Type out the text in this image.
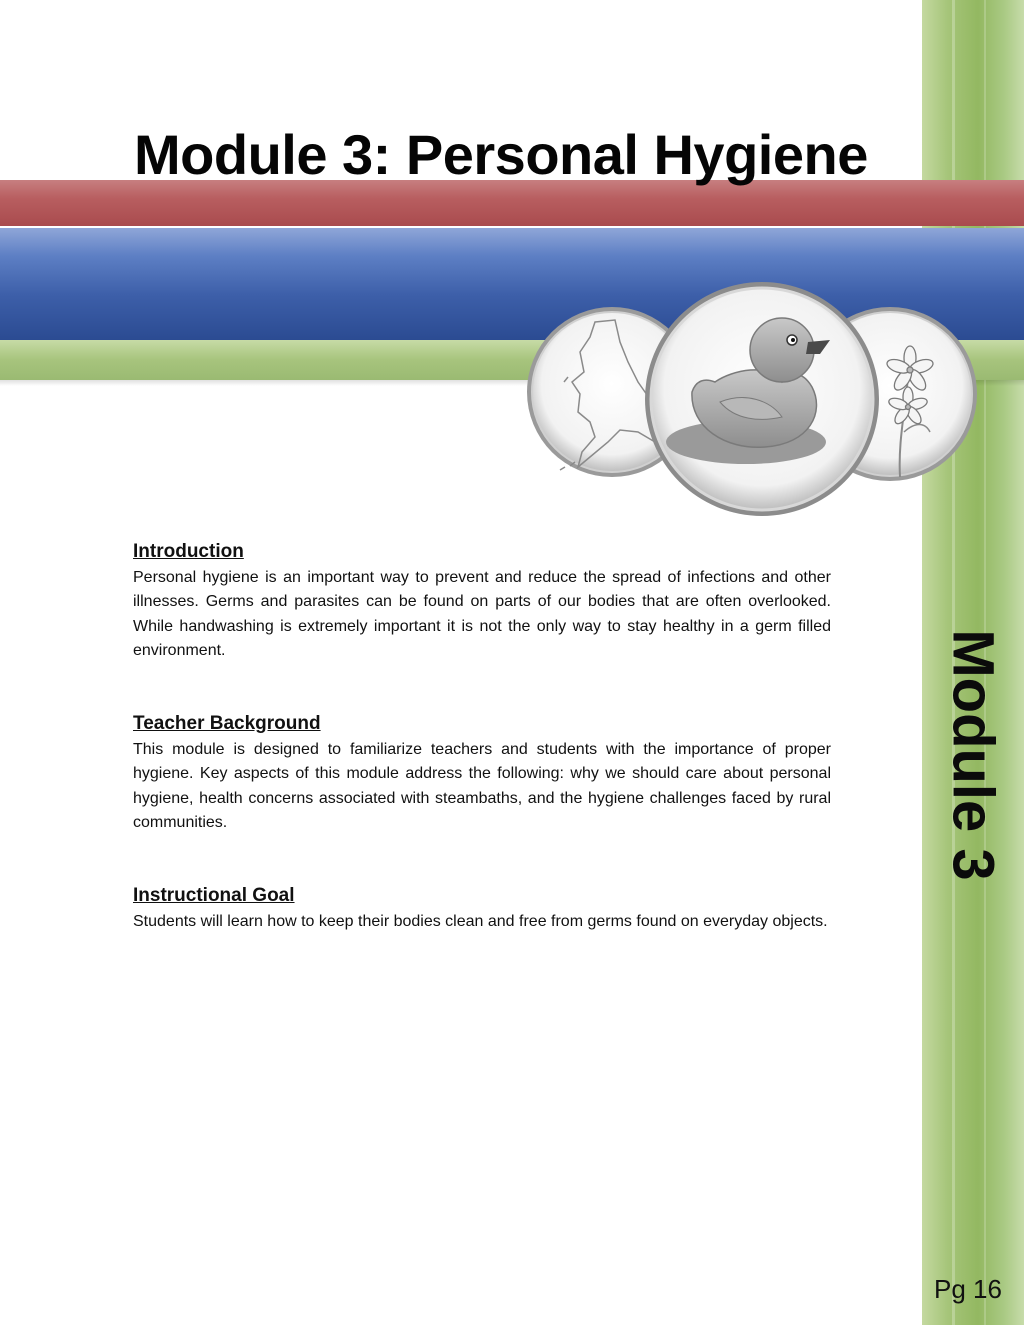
Module 3: Personal Hygiene
Module 3
Pg 16
Introduction

Personal hygiene is an important way to prevent and reduce the spread of infections and other illnesses. Germs and parasites can be found on parts of our bodies that are often overlooked. While handwashing is extremely important it is not the only way to stay healthy in a germ filled environment.

Teacher Background

This module is designed to familiarize teachers and students with the importance of proper hygiene. Key aspects of this module address the following: why we should care about personal hygiene, health concerns associated with steambaths, and the hygiene challenges faced by rural communities.

Instructional Goal

Students will learn how to keep their bodies clean and free from germs found on everyday objects.
